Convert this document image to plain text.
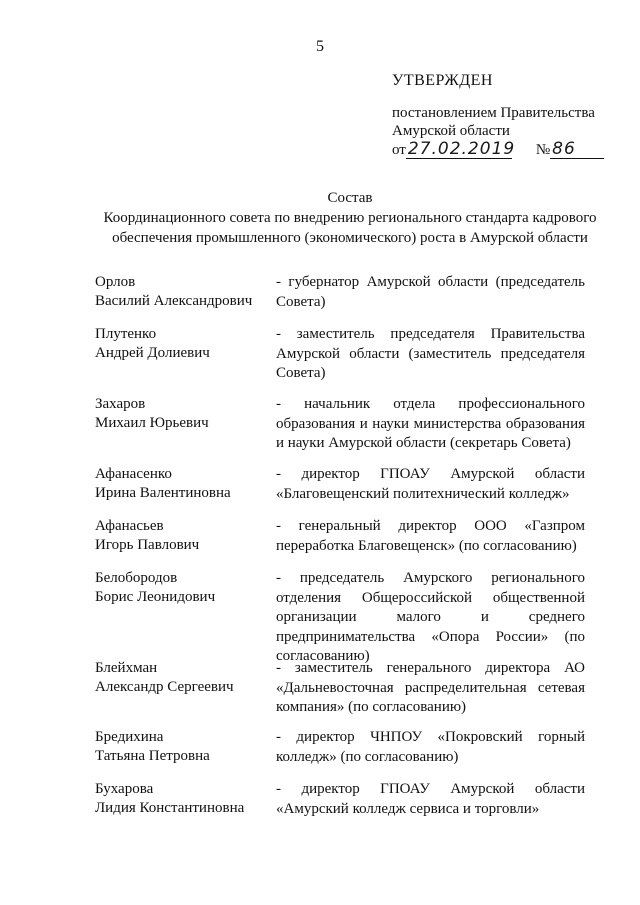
5
УТВЕРЖДЕН
постановлением Правительства
Амурской области
от 27.02.2019 № 86
Состав
Координационного совета по внедрению регионального стандарта кадрового
обеспечения промышленного (экономического) роста в Амурской области
Орлов
Василий Александрович
- губернатор Амурской области (председатель Совета)
Плутенко
Андрей Долиевич
- заместитель председателя Правительства Амурской области (заместитель председателя Совета)
Захаров
Михаил Юрьевич
- начальник отдела профессионального образования и науки министерства образования и науки Амурской области (секретарь Совета)
Афанасенко
Ирина Валентиновна
- директор ГПОАУ Амурской области «Благовещенский политехнический колледж»
Афанасьев
Игорь Павлович
- генеральный директор ООО «Газпром переработка Благовещенск» (по согласованию)
Белобородов
Борис Леонидович
- председатель Амурского регионального отделения Общероссийской общественной организации малого и среднего предпринимательства «Опора России» (по согласованию)
Блейхман
Александр Сергеевич
- заместитель генерального директора АО «Дальневосточная распределительная сетевая компания» (по согласованию)
Бредихина
Татьяна Петровна
- директор ЧНПОУ «Покровский горный колледж» (по согласованию)
Бухарова
Лидия Константиновна
- директор ГПОАУ Амурской области «Амурский колледж сервиса и торговли»
